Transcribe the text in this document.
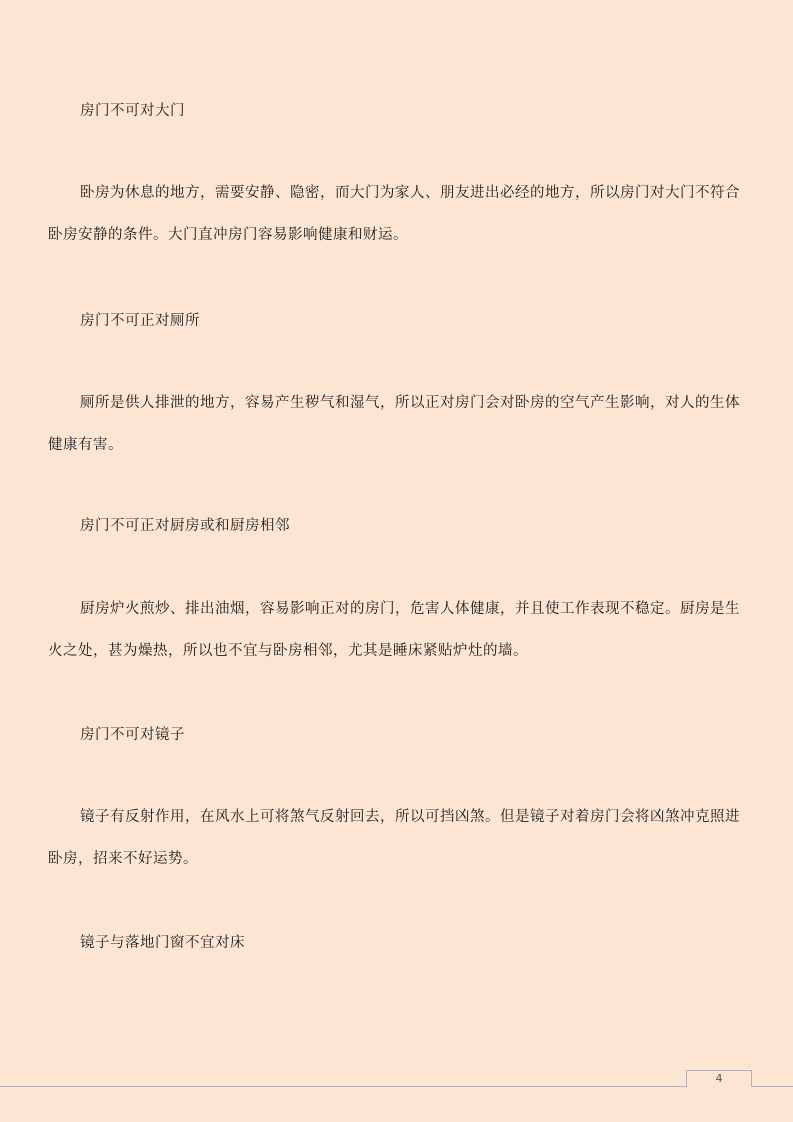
房门不可对大门
卧房为休息的地方，需要安静、隐密，而大门为家人、朋友进出必经的地方，所以房门对大门不符合卧房安静的条件。大门直冲房门容易影响健康和财运。
房门不可正对厕所
厕所是供人排泄的地方，容易产生秽气和湿气，所以正对房门会对卧房的空气产生影响，对人的生体健康有害。
房门不可正对厨房或和厨房相邻
厨房炉火煎炒、排出油烟，容易影响正对的房门，危害人体健康，并且使工作表现不稳定。厨房是生火之处，甚为燥热，所以也不宜与卧房相邻，尤其是睡床紧贴炉灶的墙。
房门不可对镜子
镜子有反射作用，在风水上可将煞气反射回去，所以可挡凶煞。但是镜子对着房门会将凶煞冲克照进卧房，招来不好运势。
镜子与落地门窗不宜对床
4
